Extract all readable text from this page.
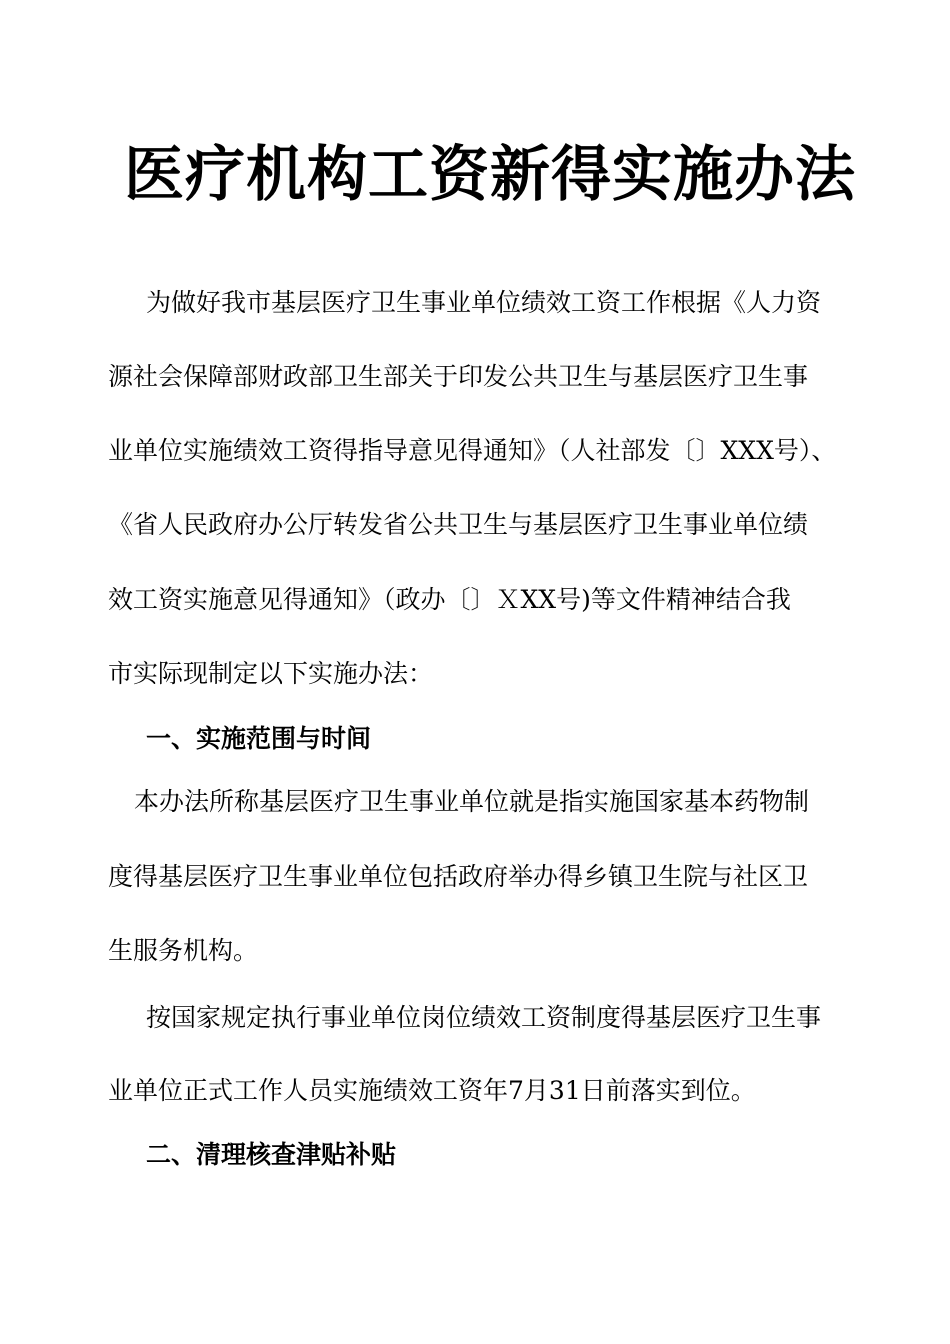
医疗机构工资新得实施办法
为做好我市基层医疗卫生事业单位绩效工资工作根据《人力资
源社会保障部财政部卫生部关于印发公共卫生与基层医疗卫生事
业单位实施绩效工资得指导意见得通知》（人社部发〔〕XXX号）、
《省人民政府办公厅转发省公共卫生与基层医疗卫生事业单位绩
效工资实施意见得通知》（政办〔〕ＸXX号)等文件精神结合我
市实际现制定以下实施办法：
一、实施范围与时间
本办法所称基层医疗卫生事业单位就是指实施国家基本药物制
度得基层医疗卫生事业单位包括政府举办得乡镇卫生院与社区卫
生服务机构。
按国家规定执行事业单位岗位绩效工资制度得基层医疗卫生事
业单位正式工作人员实施绩效工资年7月31日前落实到位。
二、清理核查津贴补贴
